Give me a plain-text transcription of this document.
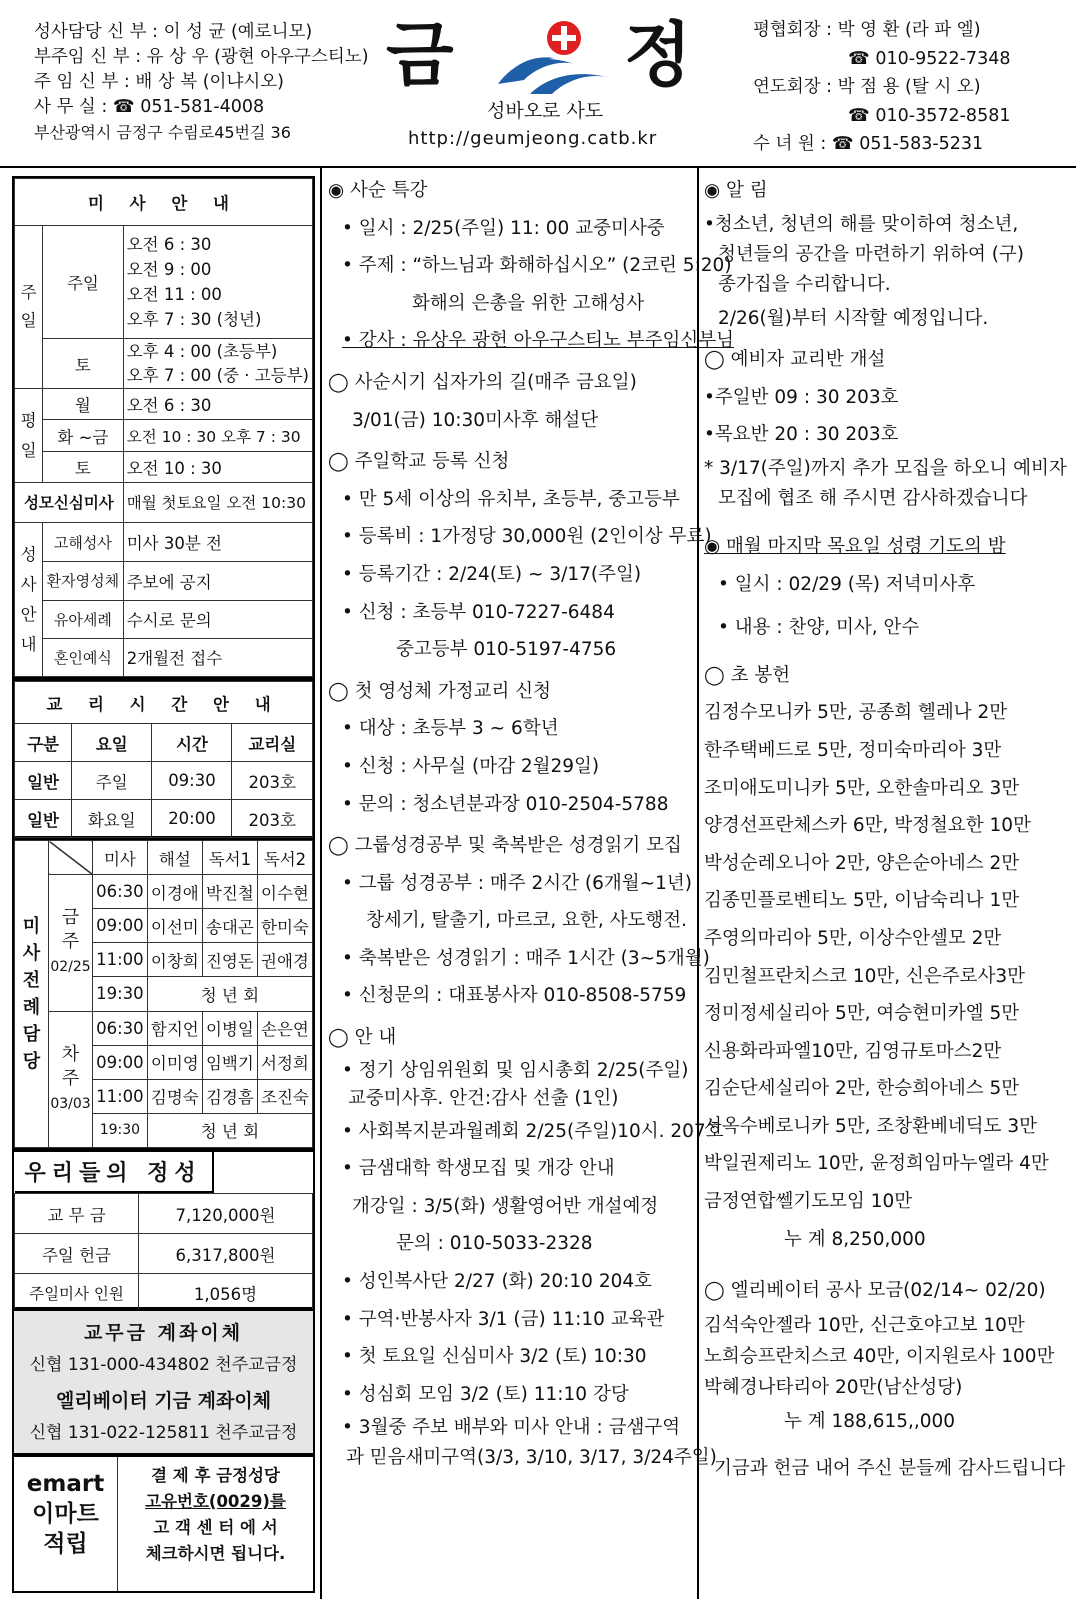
성사담당 신 부 : 이 성 균 (예로니모)

부주임 신 부 : 유 상 우 (광현 아우구스티노)

주 임 신 부 : 배 상 복 (이냐시오)

사 무 실 : ☎ 051-581-4008

부산광역시 금정구 수림로45번길 36

금 정
성바오로 사도
http://geumjeong.catb.kr

평협회장 : 박 영 환 (라 파 엘)

☎ 010-9522-7348

연도회장 : 박 점 용 (탈 시 오)

☎ 010-3572-8581

수 녀 원 : ☎ 051-583-5231

미 사 안 내		
주일	주일	오전 6 : 30

오전 9 : 00

오전 11 : 00

오후 7 : 30 (청년)

	토	오후 4 : 00 (초등부)

오후 7 : 00 (중 · 고등부)

평일	월	오전 6 : 30
	화 ~금	오전 10 : 30 오후 7 : 30
	토	오전 10 : 30
성모신심미사		매월 첫토요일 오전 10:30
성사안내	고해성사	미사 30분 전
	환자영성체	주보에 공지
	유아세례	수시로 문의
	혼인예식	2개월전 접수
교 리 시 간 안 내			
구분	요일	시간	교리실
일반	주일	09:30	203호
일반	화요일	20:00	203호
미사전례담당		미사	해설	독서1	독서2

	금주
02/25	06:30	이경애	박진철	이수현
		09:00	이선미	송대곤	한미숙
		11:00	이창희	진영돈	권애경
		19:30	청 년 회		

	차주
03/03	06:30	함지언	이병일	손은연
		09:00	이미영	임백기	서정희
		11:00	김명숙	김경흠	조진숙
		19:30	청 년 회		
우리들의 정성	
교 무 금	7,120,000원
주일 헌금	6,317,800원
주일미사 인원	1,056명

교무금 계좌이체

신협 131-000-434802 천주교금정

엘리베이터 기금 계좌이체

신협 131-022-125811 천주교금정

emart

이마트

적립

결 제 후 금정성당

고유번호(0029)를

고 객 센 터 에 서

체크하시면 됩니다.

◉ 사순 특강

• 일시 : 2/25(주일) 11: 00 교중미사중

• 주제 : “하느님과 화해하십시오” (2코린 5:20)

화해의 은총을 위한 고해성사

• 강사 : 유상우 광헌 아우구스티노 부주임신부님

◯ 사순시기 십자가의 길(매주 금요일)

3/01(금) 10:30미사후 해설단

◯ 주일학교 등록 신청

• 만 5세 이상의 유치부, 초등부, 중고등부

• 등록비 : 1가정당 30,000원 (2인이상 무료)

• 등록기간 : 2/24(토) ~ 3/17(주일)

• 신청 : 초등부 010-7227-6484

중고등부 010-5197-4756

◯ 첫 영성체 가정교리 신청

• 대상 : 초등부 3 ~ 6학년

• 신청 : 사무실 (마감 2월29일)

• 문의 : 청소년분과장 010-2504-5788

◯ 그룹성경공부 및 축복받은 성경읽기 모집

• 그룹 성경공부 : 매주 2시간 (6개월~1년)

창세기, 탈출기, 마르코, 요한, 사도행전.

• 축복받은 성경읽기 : 매주 1시간 (3~5개월)

• 신청문의 : 대표봉사자 010-8508-5759

◯ 안 내

• 정기 상임위원회 및 임시총회 2/25(주일)

교중미사후. 안건:감사 선출 (1인)

• 사회복지분과월례회 2/25(주일)10시. 207호

• 금샘대학 학생모집 및 개강 안내

개강일 : 3/5(화) 생활영어반 개설예정

문의 : 010-5033-2328

• 성인복사단 2/27 (화) 20:10 204호

• 구역·반봉사자 3/1 (금) 11:10 교육관

• 첫 토요일 신심미사 3/2 (토) 10:30

• 성심회 모임 3/2 (토) 11:10 강당

• 3월중 주보 배부와 미사 안내 : 금샘구역

과 믿음새미구역(3/3, 3/10, 3/17, 3/24주일)

◉ 알 림

•청소년, 청년의 해를 맞이하여 청소년,

청년들의 공간을 마련하기 위하여 (구)

종가집을 수리합니다.

2/26(월)부터 시작할 예정입니다.

◯ 예비자 교리반 개설

•주일반 09 : 30 203호

•목요반 20 : 30 203호

* 3/17(주일)까지 추가 모집을 하오니 예비자

모집에 협조 해 주시면 감사하겠습니다

◉ 매월 마지막 목요일 성령 기도의 밤

• 일시 : 02/29 (목) 저녁미사후

• 내용 : 찬양, 미사, 안수

◯ 초 봉헌

김정수모니카 5만, 공종희 헬레나 2만

한주택베드로 5만, 정미숙마리아 3만

조미애도미니카 5만, 오한솔마리오 3만

양경선프란체스카 6만, 박정철요한 10만

박성순레오니아 2만, 양은순아네스 2만

김종민플로벤티노 5만, 이남숙리나 1만

주영의마리아 5만, 이상수안셀모 2만

김민철프란치스코 10만, 신은주로사3만

정미정세실리아 5만, 여승현미카엘 5만

신용화라파엘10만, 김영규토마스2만

김순단세실리아 2만, 한승희아네스 5만

서옥수베로니카 5만, 조창환베네딕도 3만

박일권제리노 10만, 윤정희임마누엘라 4만

금정연합쎌기도모임 10만

누 계 8,250,000

◯ 엘리베이터 공사 모금(02/14~ 02/20)

김석숙안젤라 10만, 신근호야고보 10만

노희승프란치스코 40만, 이지원로사 100만

박혜경나타리아 20만(남산성당)

누 계 188,615,,000

기금과 헌금 내어 주신 분들께 감사드립니다
